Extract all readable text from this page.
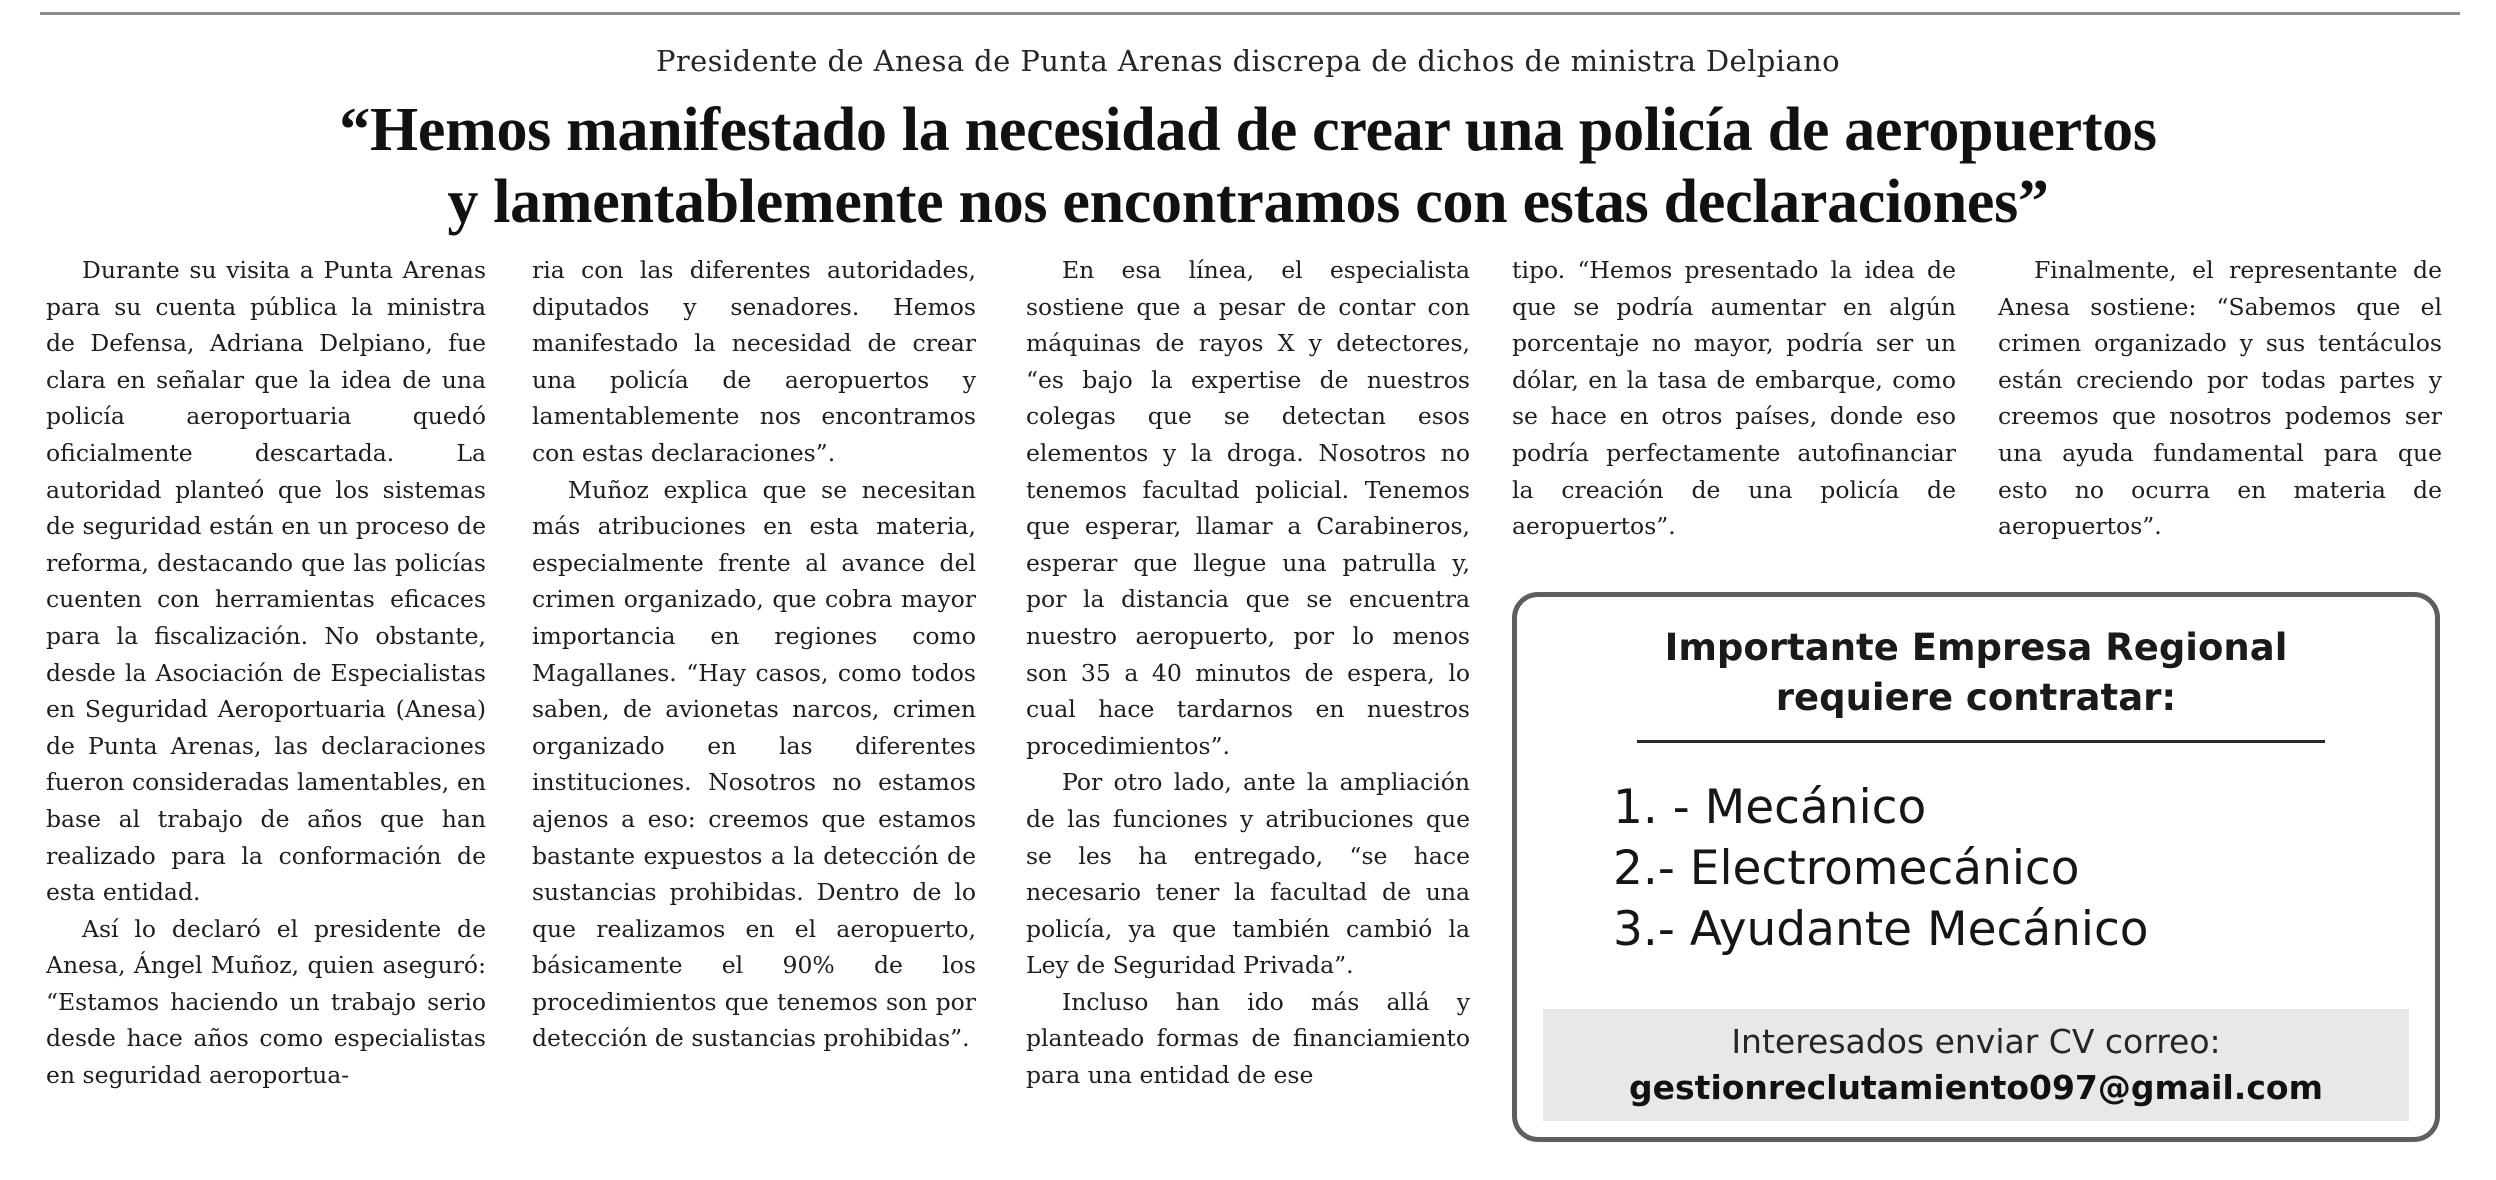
Presidente de Anesa de Punta Arenas discrepa de dichos de ministra Delpiano
“Hemos manifestado la necesidad de crear una policía de aeropuertos
y lamentablemente nos encontramos con estas declaraciones”

Durante su visita a Punta Arenas para su cuenta pública la ministra de Defensa, Adriana Delpiano, fue clara en señalar que la idea de una policía aeroportuaria quedó oficialmente descartada. La autoridad planteó que los sistemas de seguridad están en un proceso de reforma, destacando que las policías cuenten con herramientas eficaces para la fiscalización. No obstante, desde la Asociación de Especialistas en Seguridad Aeroportuaria (Anesa) de Punta Arenas, las declaraciones fueron consideradas lamentables, en base al trabajo de años que han realizado para la conformación de esta entidad.

Así lo declaró el presidente de Anesa, Ángel Muñoz, quien aseguró: “Estamos haciendo un trabajo serio desde hace años como especialistas en seguridad aeroportua-

ria con las diferentes autoridades, diputados y senadores. Hemos manifestado la necesidad de crear una policía de aeropuertos y lamentablemente nos encontramos con estas declaraciones”.

Muñoz explica que se necesitan más atribuciones en esta materia, especialmente frente al avance del crimen organizado, que cobra mayor importancia en regiones como Magallanes. “Hay casos, como todos saben, de avionetas narcos, crimen organizado en las diferentes instituciones. Nosotros no estamos ajenos a eso: creemos que estamos bastante expuestos a la detección de sustancias prohibidas. Dentro de lo que realizamos en el aeropuerto, básicamente el 90% de los procedimientos que tenemos son por detección de sustancias prohibidas”.

En esa línea, el especialista sostiene que a pesar de contar con máquinas de rayos X y detectores, “es bajo la expertise de nuestros colegas que se detectan esos elementos y la droga. Nosotros no tenemos facultad policial. Tenemos que esperar, llamar a Carabineros, esperar que llegue una patrulla y, por la distancia que se encuentra nuestro aeropuerto, por lo menos son 35 a 40 minutos de espera, lo cual hace tardarnos en nuestros procedimientos”.

Por otro lado, ante la ampliación de las funciones y atribuciones que se les ha entregado, “se hace necesario tener la facultad de una policía, ya que también cambió la Ley de Seguridad Privada”.

Incluso han ido más allá y planteado formas de financiamiento para una entidad de ese

tipo. “Hemos presentado la idea de que se podría aumentar en algún porcentaje no mayor, podría ser un dólar, en la tasa de embarque, como se hace en otros países, donde eso podría perfectamente autofinanciar la creación de una policía de aeropuertos”.

Finalmente, el representante de Anesa sostiene: “Sabemos que el crimen organizado y sus tentáculos están creciendo por todas partes y creemos que nosotros podemos ser una ayuda fundamental para que esto no ocurra en materia de aeropuertos”.

Importante Empresa Regional
requiere contratar:
1. - Mecánico
2.- Electromecánico
3.- Ayudante Mecánico
Interesados enviar CV correo:
gestionreclutamiento097@gmail.com
